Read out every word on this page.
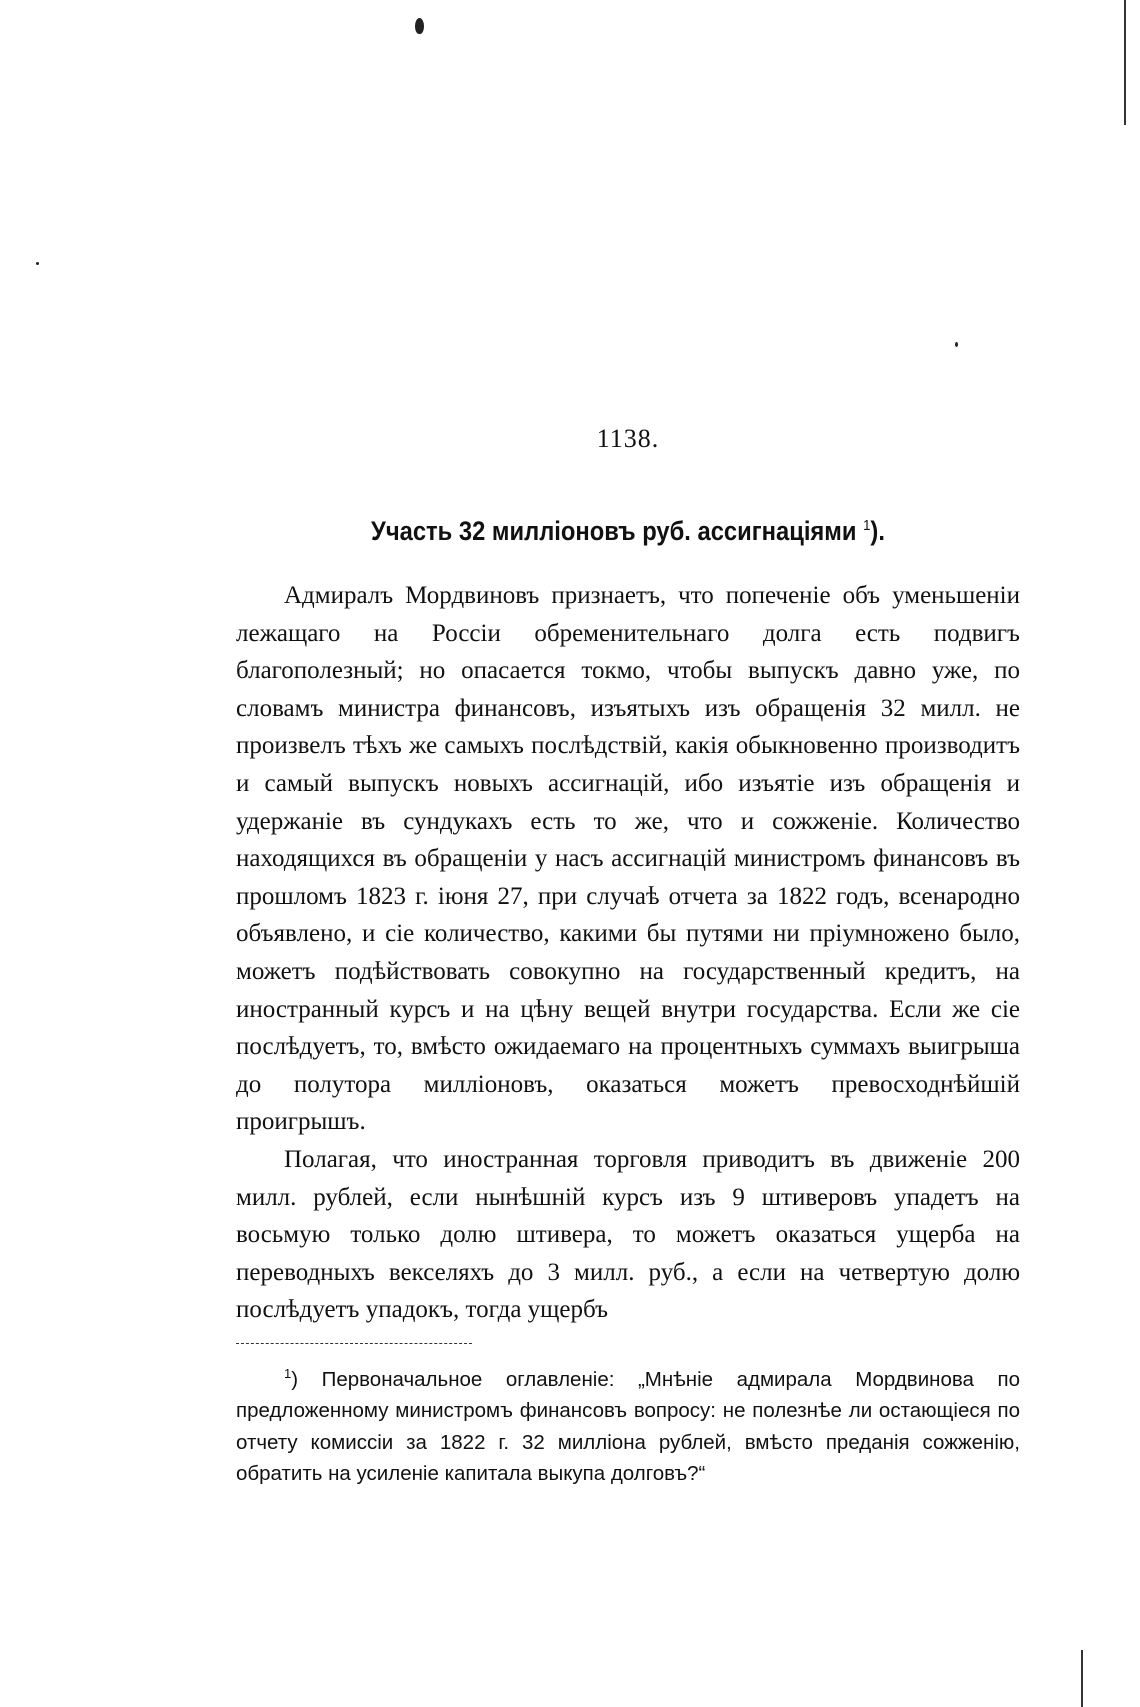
1138.
Участь 32 милліоновъ руб. ассигнаціями $^1$).

Адмиралъ Мордвиновъ признаетъ, что попеченіе объ уменьшеніи лежащаго на Россіи обременительнаго долга есть подвигъ благополезный; но опасается токмо, чтобы выпускъ давно уже, по словамъ министра финансовъ, изъятыхъ изъ обращенія 32 милл. не произвелъ тѣхъ же самыхъ послѣдствій, какія обыкновенно производитъ и самый выпускъ новыхъ ассигнацій, ибо изъятіе изъ обращенія и удержаніе въ сундукахъ есть то же, что и сожженіе. Количество находящихся въ обращеніи у насъ ассигнацій министромъ финансовъ въ прошломъ 1823 г. іюня 27, при случаѣ отчета за 1822 годъ, всенародно объявлено, и сіе количество, какими бы путями ни пріумножено было, можетъ подѣйствовать совокупно на государственный кредитъ, на иностранный курсъ и на цѣну вещей внутри государства. Если же сіе послѣдуетъ, то, вмѣсто ожидаемаго на процентныхъ суммахъ выигрыша до полутора милліоновъ, оказаться можетъ превосходнѣйшій проигрышъ.

Полагая, что иностранная торговля приводитъ въ движеніе 200 милл. рублей, если нынѣшній курсъ изъ 9 штиверовъ упадетъ на восьмую только долю штивера, то можетъ оказаться ущерба на переводныхъ векселяхъ до 3 милл. руб., а если на четвертую долю послѣдуетъ упадокъ, тогда ущербъ

$^1$) Первоначальное оглавленіе: „Мнѣніе адмирала Мордвинова по предложенному министромъ финансовъ вопросу: не полезнѣе ли остающіеся по отчету комиссіи за 1822 г. 32 милліона рублей, вмѣсто преданія сожженію, обратить на усиленіе капитала выкупа долговъ?“
